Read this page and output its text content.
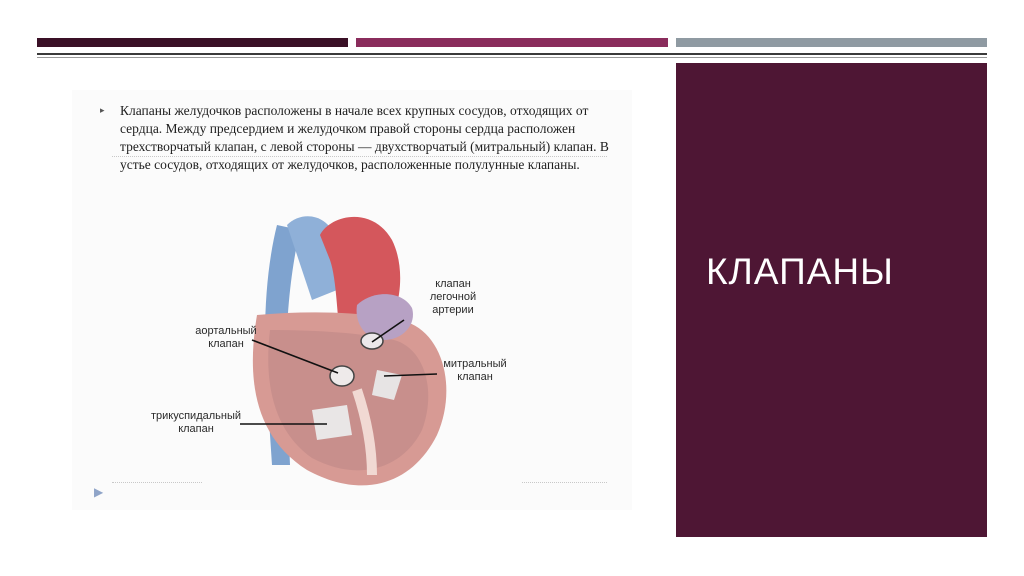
КЛАПАНЫ
▸ Клапаны желудочков расположены в начале всех крупных сосудов, отходящих от сердца. Между предсердием и желудочком правой стороны сердца расположен трехстворчатый клапан, с левой стороны — двухстворчатый (митральный) клапан. В устье сосудов, отходящих от желудочков, расположенные полулунные клапаны.

▶
клапан
легочной
артерии
аортальный
клапан
митральный
клапан
трикуспидальный
клапан
